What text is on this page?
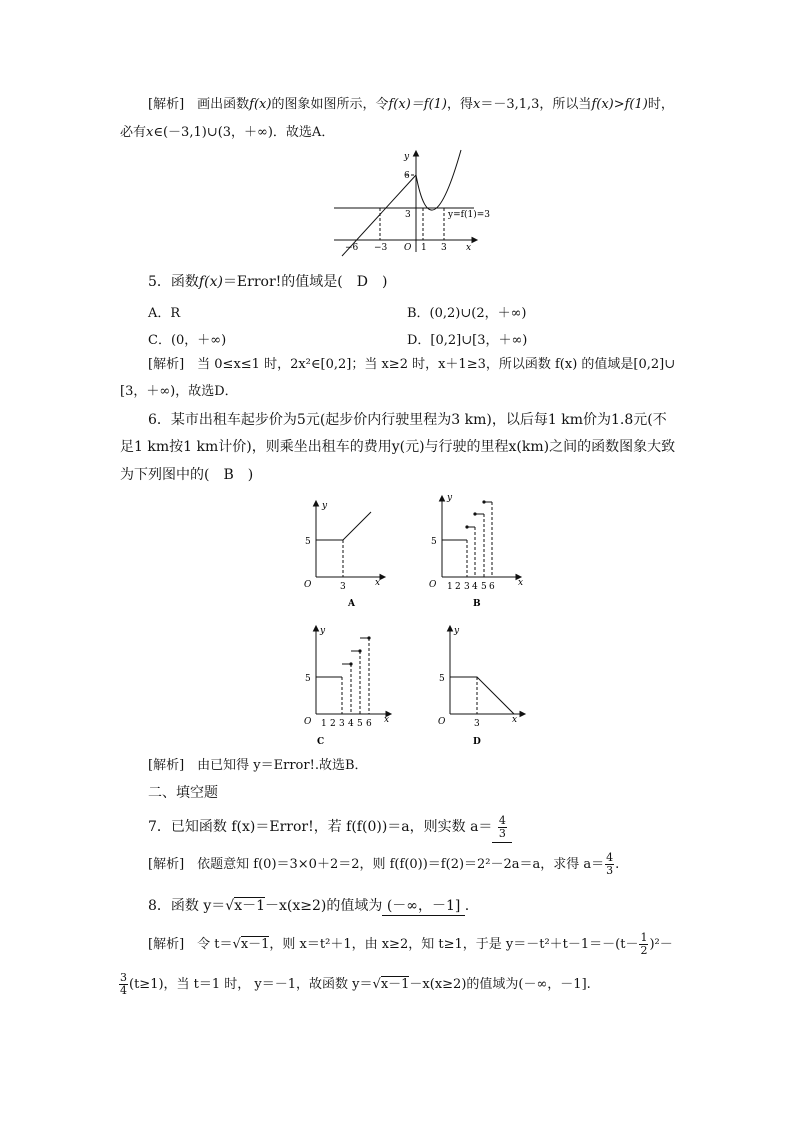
[解析]　画出函数f(x)的图象如图所示，令f(x)＝f(1)，得x＝－3,1,3，所以当f(x)>f(1)时，
必有x∈(－3,1)∪(3，＋∞)．故选A．
y
x
O
6
3
−6 −3	1 3
y=f(1)=3
5．函数f(x)＝Error!的值域是(　D　)
A．R	B．(0,2)∪(2，＋∞)
C．(0，＋∞)	D．[0,2]∪[3，＋∞)
[解析]　当 0≤x≤1 时，2x²∈[0,2]；当 x≥2 时，x＋1≥3，所以函数 f(x) 的值域是[0,2]∪
[3，＋∞)，故选D．
6．某市出租车起步价为5元(起步价内行驶里程为3 km)，以后每1 km价为1.8元(不
足1 km按1 km计价)，则乘坐出租车的费用y(元)与行驶的里程x(km)之间的函数图象大致
为下列图中的(　B　)
y
x
O
5
3
A
y
x
O
5
1 2 3 4 5 6
B
y
x
O
5
1 2 3 4 5 6
C
y
x
O
5
3
D
[解析]　由已知得 y＝Error!.故选B．
二、填空题
7．已知函数 f(x)＝Error!，若 f(f(0))＝a，则实数 $a= \frac{4}{3}$

[解析]　依题意知 f(0)＝3×0＋2＝2，则 f(f(0))＝f(2)＝2²－2a＝a，求得 $a= \frac{4}{3}$ .
8．函数 y＝√x－1－x(x≥2)的值域为 (－∞，－1] .
[解析]　令 t＝√x－1，则 x＝t²＋1，由 x≥2，知 t≥1，于是 $y=-t^2+t-1=-(t- \frac{1}{2} )^2-$
$\frac{3}{4} (t\ge 1)$，当 t＝1 时， y＝－1，故函数 y＝√x－1－x(x≥2)的值域为(－∞，－1].
